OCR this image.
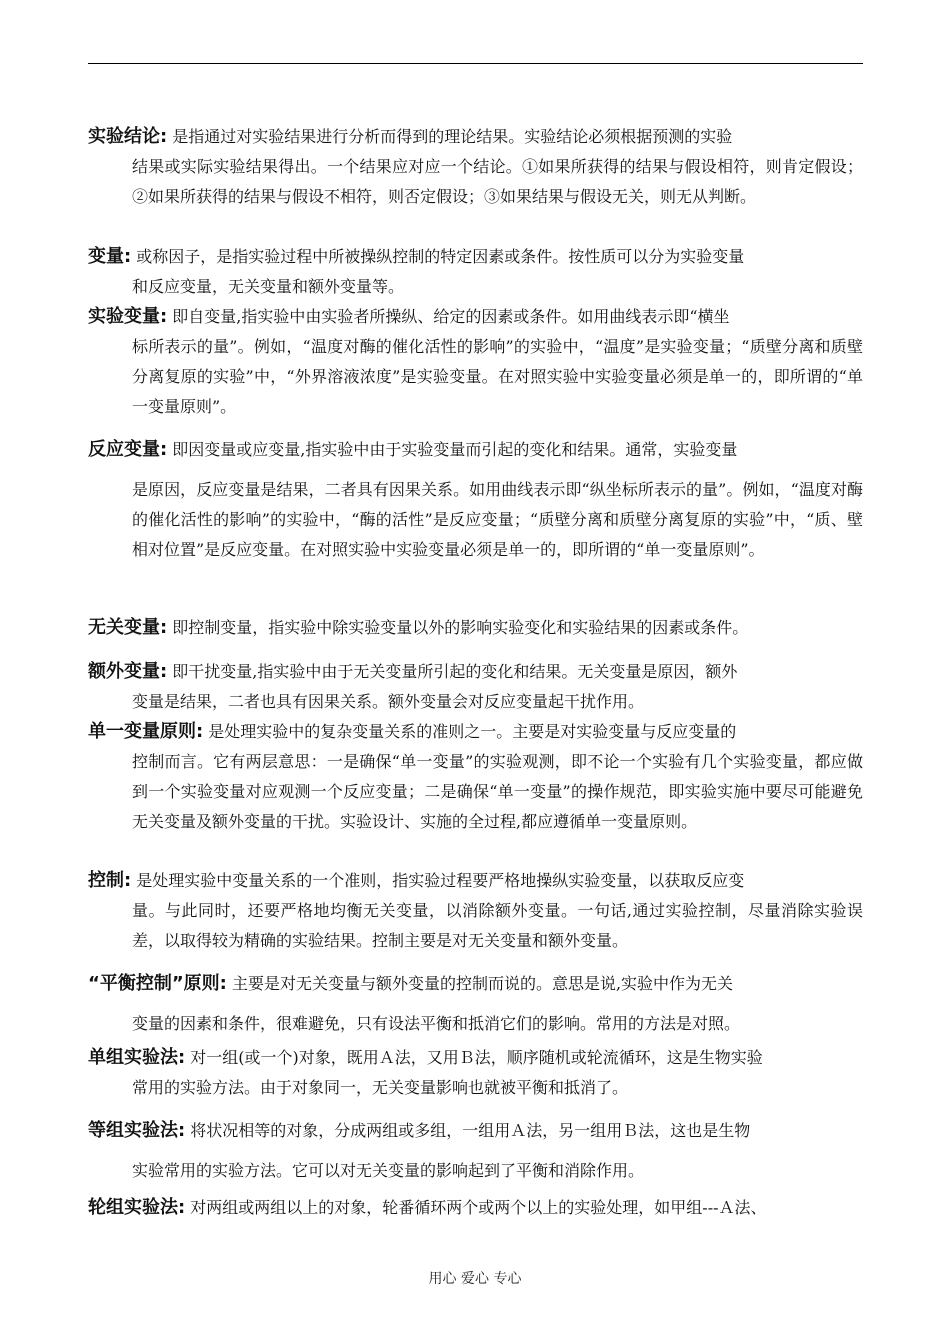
实验结论: 是指通过对实验结果进行分析而得到的理论结果。实验结论必须根据预测的实验
结果或实际实验结果得出。一个结果应对应一个结论。①如果所获得的结果与假设相符，则肯定假设；②如果所获得的结果与假设不相符，则否定假设；③如果结果与假设无关，则无从判断。
变量: 或称因子，是指实验过程中所被操纵控制的特定因素或条件。按性质可以分为实验变量
和反应变量，无关变量和额外变量等。
实验变量: 即自变量,指实验中由实验者所操纵、给定的因素或条件。如用曲线表示即“横坐
标所表示的量”。例如，“温度对酶的催化活性的影响”的实验中，“温度”是实验变量；“质壁分离和质壁分离复原的实验”中，“外界溶液浓度”是实验变量。在对照实验中实验变量必须是单一的，即所谓的“单一变量原则”。
反应变量: 即因变量或应变量,指实验中由于实验变量而引起的变化和结果。通常，实验变量
是原因，反应变量是结果，二者具有因果关系。如用曲线表示即“纵坐标所表示的量”。例如，“温度对酶的催化活性的影响”的实验中，“酶的活性”是反应变量；“质壁分离和质壁分离复原的实验”中，“质、壁相对位置”是反应变量。在对照实验中实验变量必须是单一的，即所谓的“单一变量原则”。
无关变量: 即控制变量，指实验中除实验变量以外的影响实验变化和实验结果的因素或条件。
额外变量: 即干扰变量,指实验中由于无关变量所引起的变化和结果。无关变量是原因，额外
变量是结果，二者也具有因果关系。额外变量会对反应变量起干扰作用。
单一变量原则: 是处理实验中的复杂变量关系的准则之一。主要是对实验变量与反应变量的
控制而言。它有两层意思：一是确保“单一变量”的实验观测，即不论一个实验有几个实验变量，都应做到一个实验变量对应观测一个反应变量；二是确保“单一变量”的操作规范，即实验实施中要尽可能避免无关变量及额外变量的干扰。实验设计、实施的全过程,都应遵循单一变量原则。
控制: 是处理实验中变量关系的一个准则，指实验过程要严格地操纵实验变量，以获取反应变
量。与此同时，还要严格地均衡无关变量，以消除额外变量。一句话,通过实验控制，尽量消除实验误差，以取得较为精确的实验结果。控制主要是对无关变量和额外变量。
“平衡控制”原则: 主要是对无关变量与额外变量的控制而说的。意思是说,实验中作为无关
变量的因素和条件，很难避免，只有设法平衡和抵消它们的影响。常用的方法是对照。
单组实验法: 对一组(或一个)对象，既用Ａ法，又用Ｂ法，顺序随机或轮流循环，这是生物实验
常用的实验方法。由于对象同一，无关变量影响也就被平衡和抵消了。
等组实验法: 将状况相等的对象，分成两组或多组，一组用Ａ法，另一组用Ｂ法，这也是生物
实验常用的实验方法。它可以对无关变量的影响起到了平衡和消除作用。
轮组实验法: 对两组或两组以上的对象，轮番循环两个或两个以上的实验处理，如甲组---Ａ法、
用心 爱心 专心
